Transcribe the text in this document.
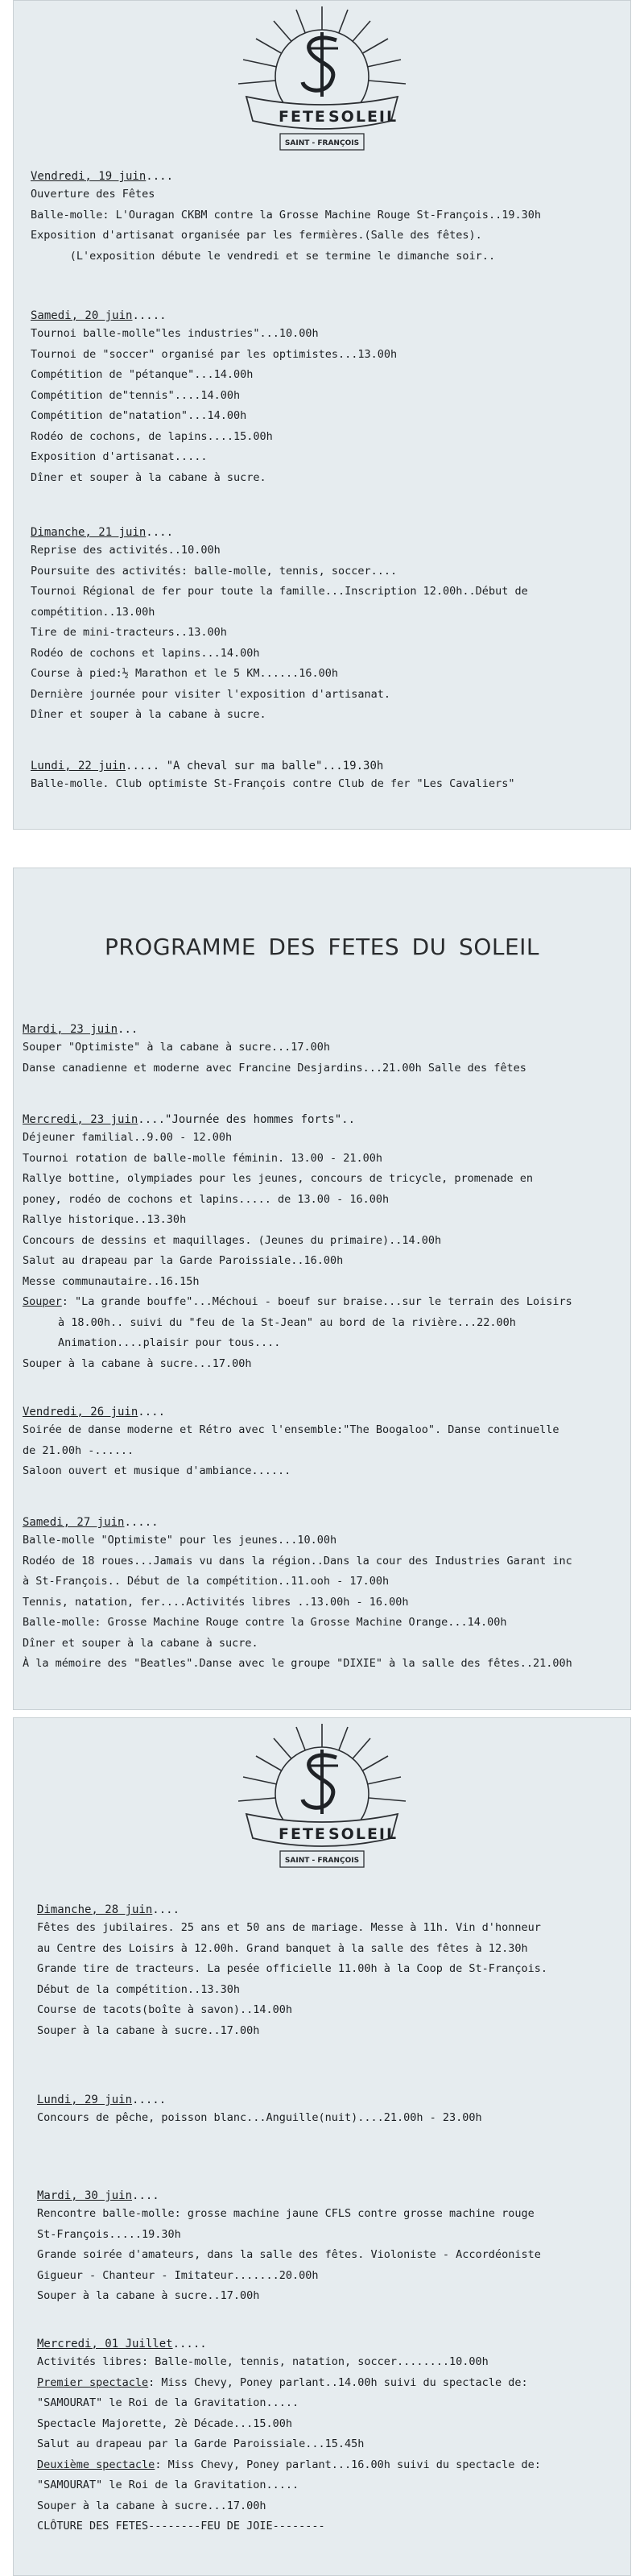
FETE SOLEIL
SAINT - FRANÇOIS
Vendredi, 19 juin....
Ouverture des Fêtes
Balle-molle: L'Ouragan CKBM contre la Grosse Machine Rouge St-François..19.30h
Exposition d'artisanat organisée par les fermières.(Salle des fêtes).
(L'exposition débute le vendredi et se termine le dimanche soir..
Samedi, 20 juin.....
Tournoi balle-molle"les industries"...10.00h
Tournoi de "soccer" organisé par les optimistes...13.00h
Compétition de "pétanque"...14.00h
Compétition de"tennis"....14.00h
Compétition de"natation"...14.00h
Rodéo de cochons, de lapins....15.00h
Exposition d'artisanat.....
Dîner et souper à la cabane à sucre.
Dimanche, 21 juin....
Reprise des activités..10.00h
Poursuite des activités: balle-molle, tennis, soccer....
Tournoi Régional de fer pour toute la famille...Inscription 12.00h..Début de
compétition..13.00h
Tire de mini-tracteurs..13.00h
Rodéo de cochons et lapins...14.00h
Course à pied:½ Marathon et le 5 KM......16.00h
Dernière journée pour visiter l'exposition d'artisanat.
Dîner et souper à la cabane à sucre.
Lundi, 22 juin..... "A cheval sur ma balle"...19.30h
Balle-molle. Club optimiste St-François contre Club de fer "Les Cavaliers"
PROGRAMME DES FETES DU SOLEIL
Mardi, 23 juin...
Souper "Optimiste" à la cabane à sucre...17.00h
Danse canadienne et moderne avec Francine Desjardins...21.00h Salle des fêtes
Mercredi, 23 juin...."Journée des hommes forts"..
Déjeuner familial..9.00 - 12.00h
Tournoi rotation de balle-molle féminin. 13.00 - 21.00h
Rallye bottine, olympiades pour les jeunes, concours de tricycle, promenade en
poney, rodéo de cochons et lapins..... de 13.00 - 16.00h
Rallye historique..13.30h
Concours de dessins et maquillages. (Jeunes du primaire)..14.00h
Salut au drapeau par la Garde Paroissiale..16.00h
Messe communautaire..16.15h
Souper: "La grande bouffe"...Méchoui - boeuf sur braise...sur le terrain des Loisirs
à 18.00h.. suivi du "feu de la St-Jean" au bord de la rivière...22.00h
Animation....plaisir pour tous....
Souper à la cabane à sucre...17.00h
Vendredi, 26 juin....
Soirée de danse moderne et Rétro avec l'ensemble:"The Boogaloo". Danse continuelle
de 21.00h -......
Saloon ouvert et musique d'ambiance......
Samedi, 27 juin.....
Balle-molle "Optimiste" pour les jeunes...10.00h
Rodéo de 18 roues...Jamais vu dans la région..Dans la cour des Industries Garant inc
à St-François.. Début de la compétition..11.ooh - 17.00h
Tennis, natation, fer....Activités libres ..13.00h - 16.00h
Balle-molle: Grosse Machine Rouge contre la Grosse Machine Orange...14.00h
Dîner et souper à la cabane à sucre.
À la mémoire des "Beatles".Danse avec le groupe "DIXIE" à la salle des fêtes..21.00h
FETE SOLEIL
SAINT - FRANÇOIS
Dimanche, 28 juin....
Fêtes des jubilaires. 25 ans et 50 ans de mariage. Messe à 11h. Vin d'honneur
au Centre des Loisirs à 12.00h. Grand banquet à la salle des fêtes à 12.30h
Grande tire de tracteurs. La pesée officielle 11.00h à la Coop de St-François.
Début de la compétition..13.30h
Course de tacots(boîte à savon)..14.00h
Souper à la cabane à sucre..17.00h
Lundi, 29 juin.....
Concours de pêche, poisson blanc...Anguille(nuit)....21.00h - 23.00h
Mardi, 30 juin....
Rencontre balle-molle: grosse machine jaune CFLS contre grosse machine rouge
St-François.....19.30h
Grande soirée d'amateurs, dans la salle des fêtes. Violoniste - Accordéoniste
Gigueur - Chanteur - Imitateur.......20.00h
Souper à la cabane à sucre..17.00h
Mercredi, 01 Juillet.....
Activités libres: Balle-molle, tennis, natation, soccer........10.00h
Premier spectacle: Miss Chevy, Poney parlant..14.00h suivi du spectacle de:
"SAMOURAT" le Roi de la Gravitation.....
Spectacle Majorette, 2è Décade...15.00h
Salut au drapeau par la Garde Paroissiale...15.45h
Deuxième spectacle: Miss Chevy, Poney parlant...16.00h suivi du spectacle de:
"SAMOURAT" le Roi de la Gravitation.....
Souper à la cabane à sucre...17.00h
CLÔTURE DES FETES--------FEU DE JOIE--------
